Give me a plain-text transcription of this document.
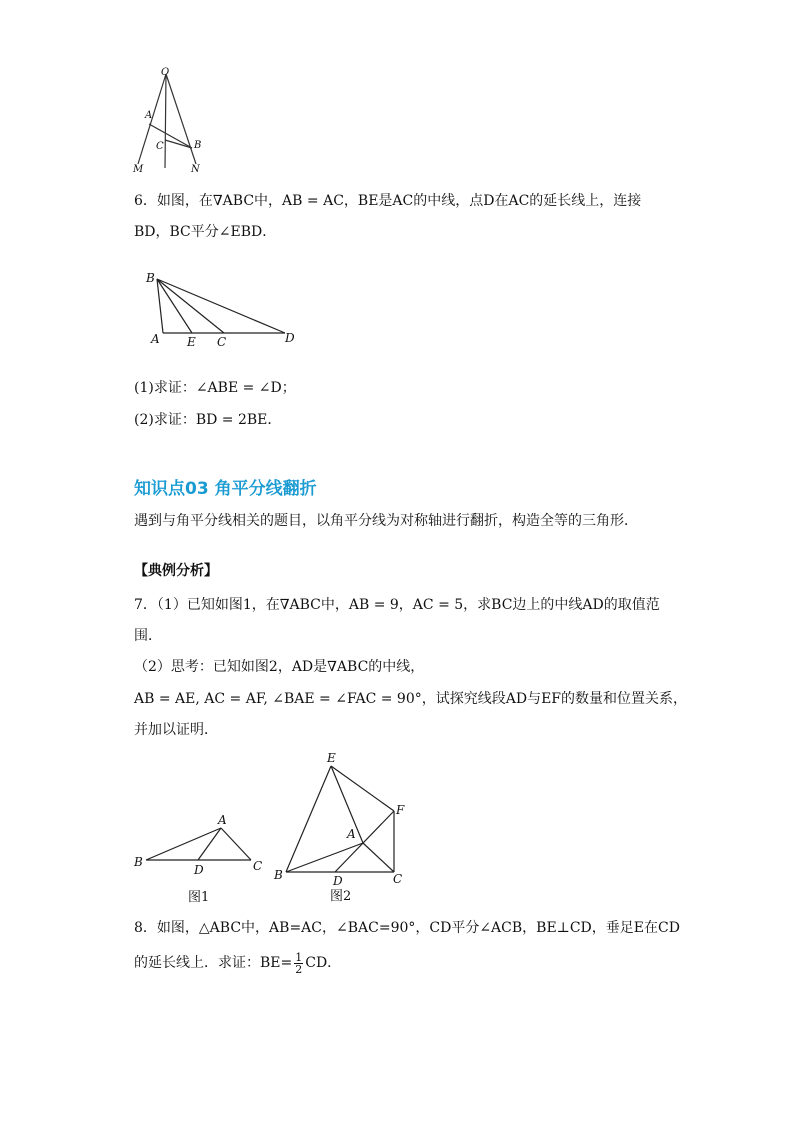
O
A
C	B
M	N
6．如图，在∇ABC中，AB = AC，BE是AC的中线，点D在AC的延长线上，连接
BD，BC平分∠EBD．
B
A E C	D
(1)求证：∠ABE = ∠D；
(2)求证：BD = 2BE．
知识点03 角平分线翻折
遇到与角平分线相关的题目，以角平分线为对称轴进行翻折，构造全等的三角形．
【典例分析】
7．（1）已知如图1，在∇ABC中，AB = 9，AC = 5，求BC边上的中线AD的取值范
围．
（2）思考：已知如图2，AD是∇ABC的中线，
AB = AE, AC = AF, ∠BAE = ∠FAC = 90°，试探究线段AD与EF的数量和位置关系，
并加以证明．
A
B
D	C
图1
E
F
A
B	D	C
图2
8．如图，△ABC中，AB=AC，∠BAC=90°，CD平分∠ACB，BE⊥CD，垂足E在CD
的延长线上．求证：$BE= \frac{1}{2}$ CD．
